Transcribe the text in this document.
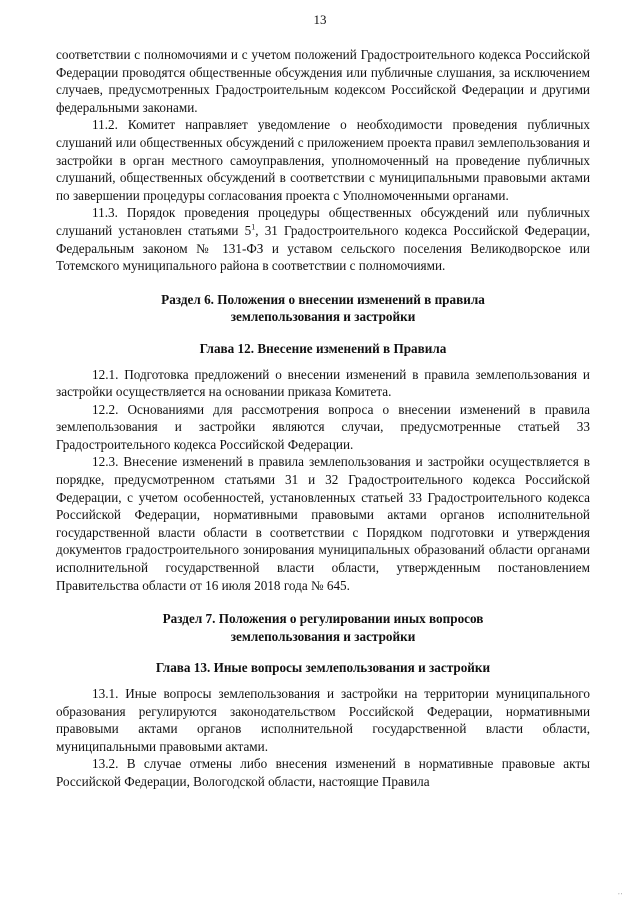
13

соответствии с полномочиями и с учетом положений Градостроительного кодекса Российской Федерации проводятся общественные обсуждения или публичные слушания, за исключением случаев, предусмотренных Градостроительным кодексом Российской Федерации и другими федеральными законами.

11.2. Комитет направляет уведомление о необходимости проведения публичных слушаний или общественных обсуждений с приложением проекта правил землепользования и застройки в орган местного самоуправления, уполномоченный на проведение публичных слушаний, общественных обсуждений в соответствии с муниципальными правовыми актами по завершении процедуры согласования проекта с Уполномоченными органами.

11.3. Порядок проведения процедуры общественных обсуждений или публичных слушаний установлен статьями $5^1$, 31 Градостроительного кодекса Российской Федерации, Федеральным законом № 131-ФЗ и уставом сельского поселения Великодворское или Тотемского муниципального района в соответствии с полномочиями.

Раздел 6. Положения о внесении изменений в правила
землепользования и застройки
Глава 12. Внесение изменений в Правила

12.1. Подготовка предложений о внесении изменений в правила землепользования и застройки осуществляется на основании приказа Комитета.

12.2. Основаниями для рассмотрения вопроса о внесении изменений в правила землепользования и застройки являются случаи, предусмотренные статьей 33 Градостроительного кодекса Российской Федерации.

12.3. Внесение изменений в правила землепользования и застройки осуществляется в порядке, предусмотренном статьями 31 и 32 Градостроительного кодекса Российской Федерации, с учетом особенностей, установленных статьей 33 Градостроительного кодекса Российской Федерации, нормативными правовыми актами органов исполнительной государственной власти области в соответствии с Порядком подготовки и утверждения документов градостроительного зонирования муниципальных образований области органами исполнительной государственной власти области, утвержденным постановлением Правительства области от 16 июля 2018 года № 645.

Раздел 7. Положения о регулировании иных вопросов
землепользования и застройки
Глава 13. Иные вопросы землепользования и застройки

13.1. Иные вопросы землепользования и застройки на территории муниципального образования регулируются законодательством Российской Федерации, нормативными правовыми актами органов исполнительной государственной власти области, муниципальными правовыми актами.

13.2. В случае отмены либо внесения изменений в нормативные правовые акты Российской Федерации, Вологодской области, настоящие Правила

' '
